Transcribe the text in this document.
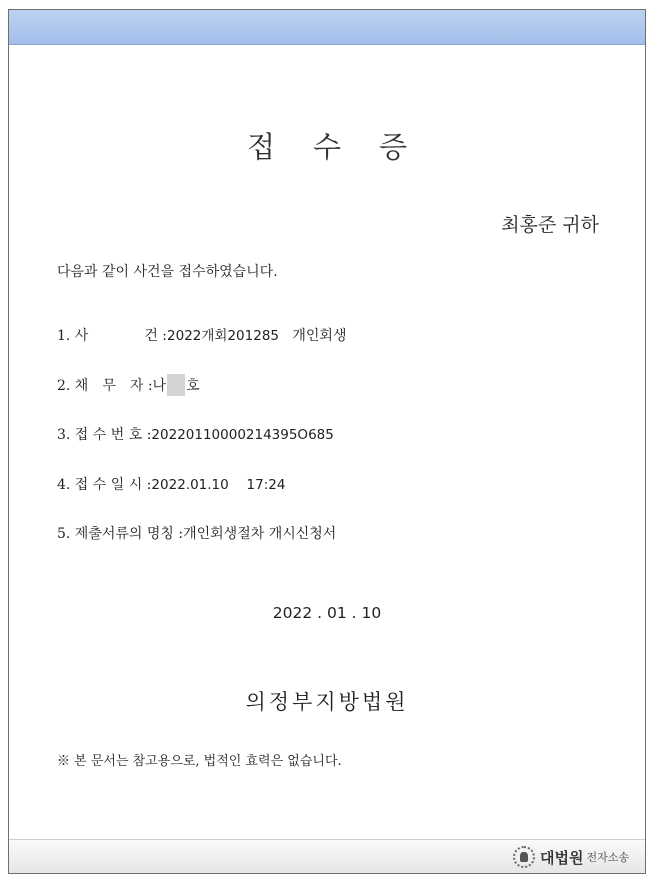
접수증
최홍준 귀하
다음과 같이 사건을 접수하였습니다.
1. 사　　　　건 :2022개회201285 개인회생
2. 채　무　자 :나 호
3. 접 수 번 호 :20220110000214395O685
4. 접 수 일 시 :2022.01.10 17:24
5. 제출서류의 명칭 :개인회생절차 개시신청서
2022 . 01 . 10
의정부지방법원
※ 본 문서는 참고용으로, 법적인 효력은 없습니다.
대법원 전자소송
